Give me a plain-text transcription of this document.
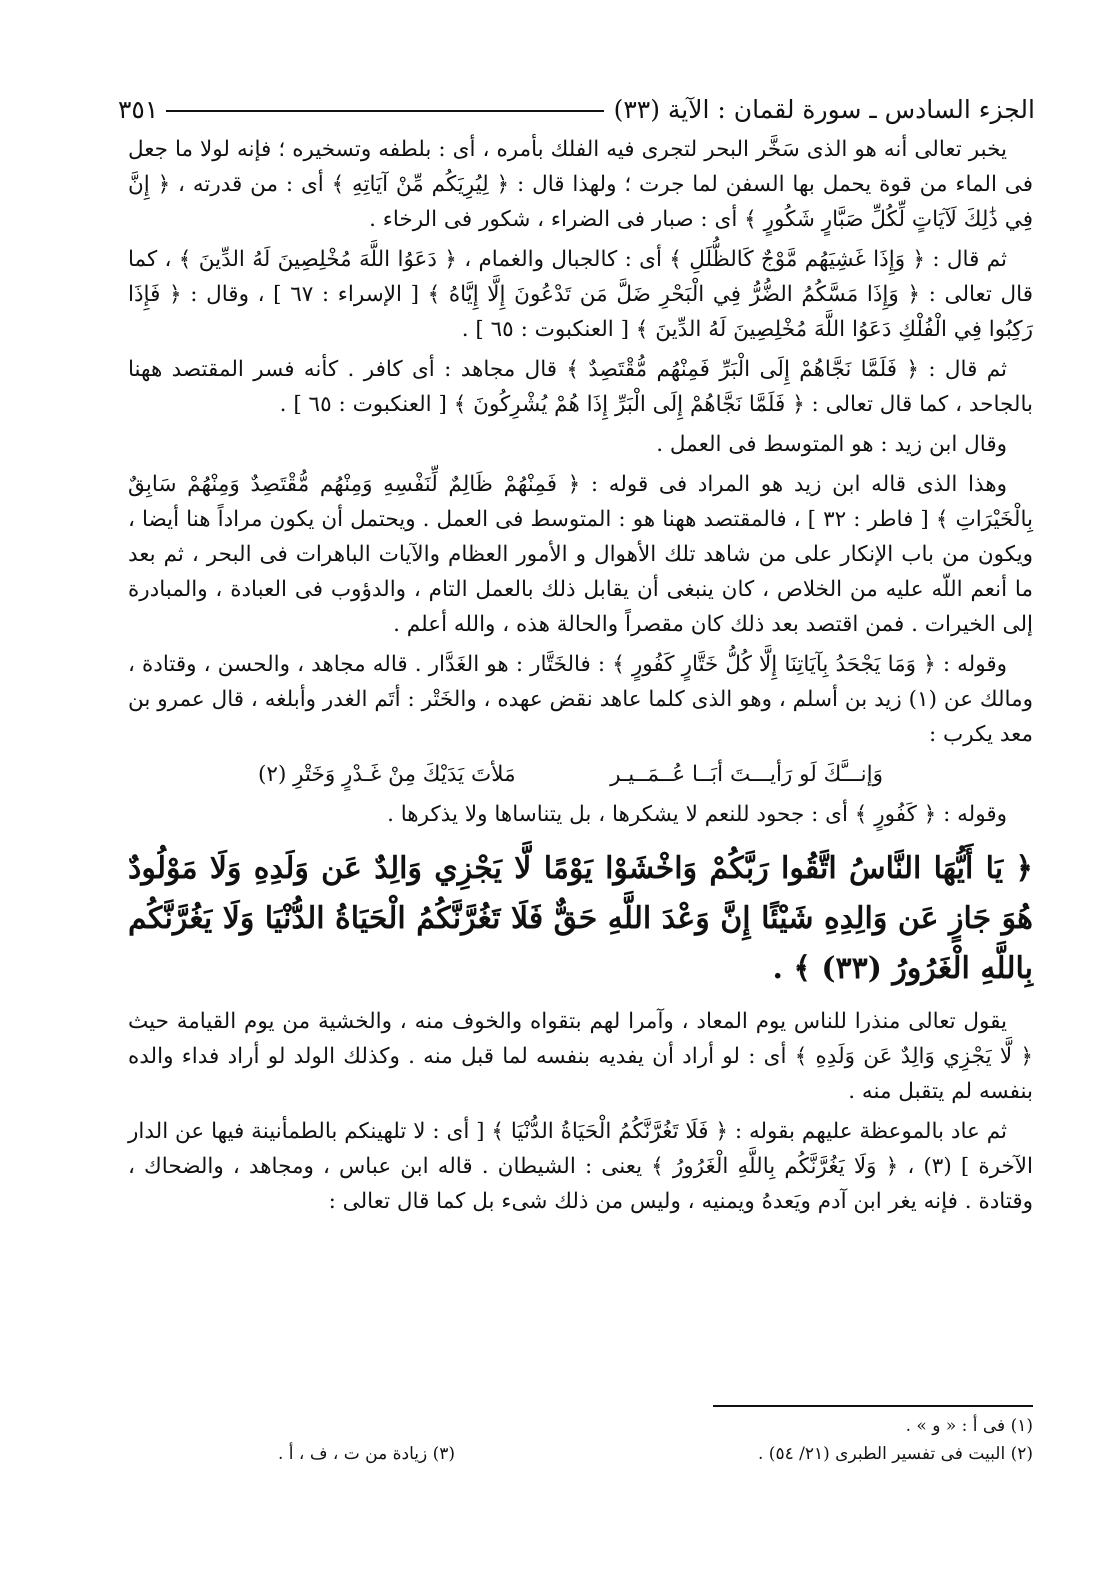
الجزء السادس ـ سورة لقمان : الآية (٣٣)
٣٥١

يخبر تعالى أنه هو الذى سَخَّر البحر لتجرى فيه الفلك بأمره ، أى : بلطفه وتسخيره ؛ فإنه لولا ما جعل فى الماء من قوة يحمل بها السفن لما جرت ؛ ولهذا قال : ﴿ لِيُرِيَكُم مِّنْ آيَاتِهِ ﴾ أى : من قدرته ، ﴿ إِنَّ فِي ذَٰلِكَ لَآيَاتٍ لِّكُلِّ صَبَّارٍ شَكُورٍ ﴾ أى : صبار فى الضراء ، شكور فى الرخاء .

ثم قال : ﴿ وَإِذَا غَشِيَهُم مَّوْجٌ كَالظُّلَلِ ﴾ أى : كالجبال والغمام ، ﴿ دَعَوُا اللَّهَ مُخْلِصِينَ لَهُ الدِّينَ ﴾ ، كما قال تعالى : ﴿ وَإِذَا مَسَّكُمُ الضُّرُّ فِي الْبَحْرِ ضَلَّ مَن تَدْعُونَ إِلَّا إِيَّاهُ ﴾ [ الإسراء : ٦٧ ] ، وقال : ﴿ فَإِذَا رَكِبُوا فِي الْفُلْكِ دَعَوُا اللَّهَ مُخْلِصِينَ لَهُ الدِّينَ ﴾ [ العنكبوت : ٦٥ ] .

ثم قال : ﴿ فَلَمَّا نَجَّاهُمْ إِلَى الْبَرِّ فَمِنْهُم مُّقْتَصِدٌ ﴾ قال مجاهد : أى كافر . كأنه فسر المقتصد ههنا بالجاحد ، كما قال تعالى : ﴿ فَلَمَّا نَجَّاهُمْ إِلَى الْبَرِّ إِذَا هُمْ يُشْرِكُونَ ﴾ [ العنكبوت : ٦٥ ] .

وقال ابن زيد : هو المتوسط فى العمل .

وهذا الذى قاله ابن زيد هو المراد فى قوله : ﴿ فَمِنْهُمْ ظَالِمٌ لِّنَفْسِهِ وَمِنْهُم مُّقْتَصِدٌ وَمِنْهُمْ سَابِقٌ بِالْخَيْرَاتِ ﴾ [ فاطر : ٣٢ ] ، فالمقتصد ههنا هو : المتوسط فى العمل . ويحتمل أن يكون مراداً هنا أيضا ، ويكون من باب الإنكار على من شاهد تلك الأهوال و الأمور العظام والآيات الباهرات فى البحر ، ثم بعد ما أنعم اللّه عليه من الخلاص ، كان ينبغى أن يقابل ذلك بالعمل التام ، والدؤوب فى العبادة ، والمبادرة إلى الخيرات . فمن اقتصد بعد ذلك كان مقصراً والحالة هذه ، والله أعلم .

وقوله : ﴿ وَمَا يَجْحَدُ بِآيَاتِنَا إِلَّا كُلُّ خَتَّارٍ كَفُورٍ ﴾ : فالخَتَّار : هو الغَدَّار . قاله مجاهد ، والحسن ، وقتادة ، ومالك عن (١) زيد بن أسلم ، وهو الذى كلما عاهد نقض عهده ، والخَتْر : أتَم الغدر وأبلغه ، قال عمرو بن معد يكرب :

وَإنـــَّكَ لَو رَأيـــتَ أبَــا عُــمَــيـر
مَلأتَ يَدَيْكَ مِنْ غَـدْرٍ وَخَتْرِ (٢)

وقوله : ﴿ كَفُورٍ ﴾ أى : جحود للنعم لا يشكرها ، بل يتناساها ولا يذكرها .

﴿ يَا أَيُّهَا النَّاسُ اتَّقُوا رَبَّكُمْ وَاخْشَوْا يَوْمًا لَّا يَجْزِي وَالِدٌ عَن وَلَدِهِ وَلَا مَوْلُودٌ هُوَ جَازٍ عَن وَالِدِهِ شَيْئًا إِنَّ وَعْدَ اللَّهِ حَقٌّ فَلَا تَغُرَّنَّكُمُ الْحَيَاةُ الدُّنْيَا وَلَا يَغُرَّنَّكُم بِاللَّهِ الْغَرُورُ (٣٣) ﴾ .

يقول تعالى منذرا للناس يوم المعاد ، وآمرا لهم بتقواه والخوف منه ، والخشية من يوم القيامة حيث ﴿ لَّا يَجْزِي وَالِدٌ عَن وَلَدِهِ ﴾ أى : لو أراد أن يفديه بنفسه لما قبل منه . وكذلك الولد لو أراد فداء والده بنفسه لم يتقبل منه .

ثم عاد بالموعظة عليهم بقوله : ﴿ فَلَا تَغُرَّنَّكُمُ الْحَيَاةُ الدُّنْيَا ﴾ [ أى : لا تلهينكم بالطمأنينة فيها عن الدار الآخرة ] (٣) ، ﴿ وَلَا يَغُرَّنَّكُم بِاللَّهِ الْغَرُورُ ﴾ يعنى : الشيطان . قاله ابن عباس ، ومجاهد ، والضحاك ، وقتادة . فإنه يغر ابن آدم ويَعدهُ ويمنيه ، وليس من ذلك شىء بل كما قال تعالى :

(١) فى أ : « و » .
(٢) البيت فى تفسير الطبرى (٢١/ ٥٤) .
(٣) زيادة من ت ، ف ، أ .
